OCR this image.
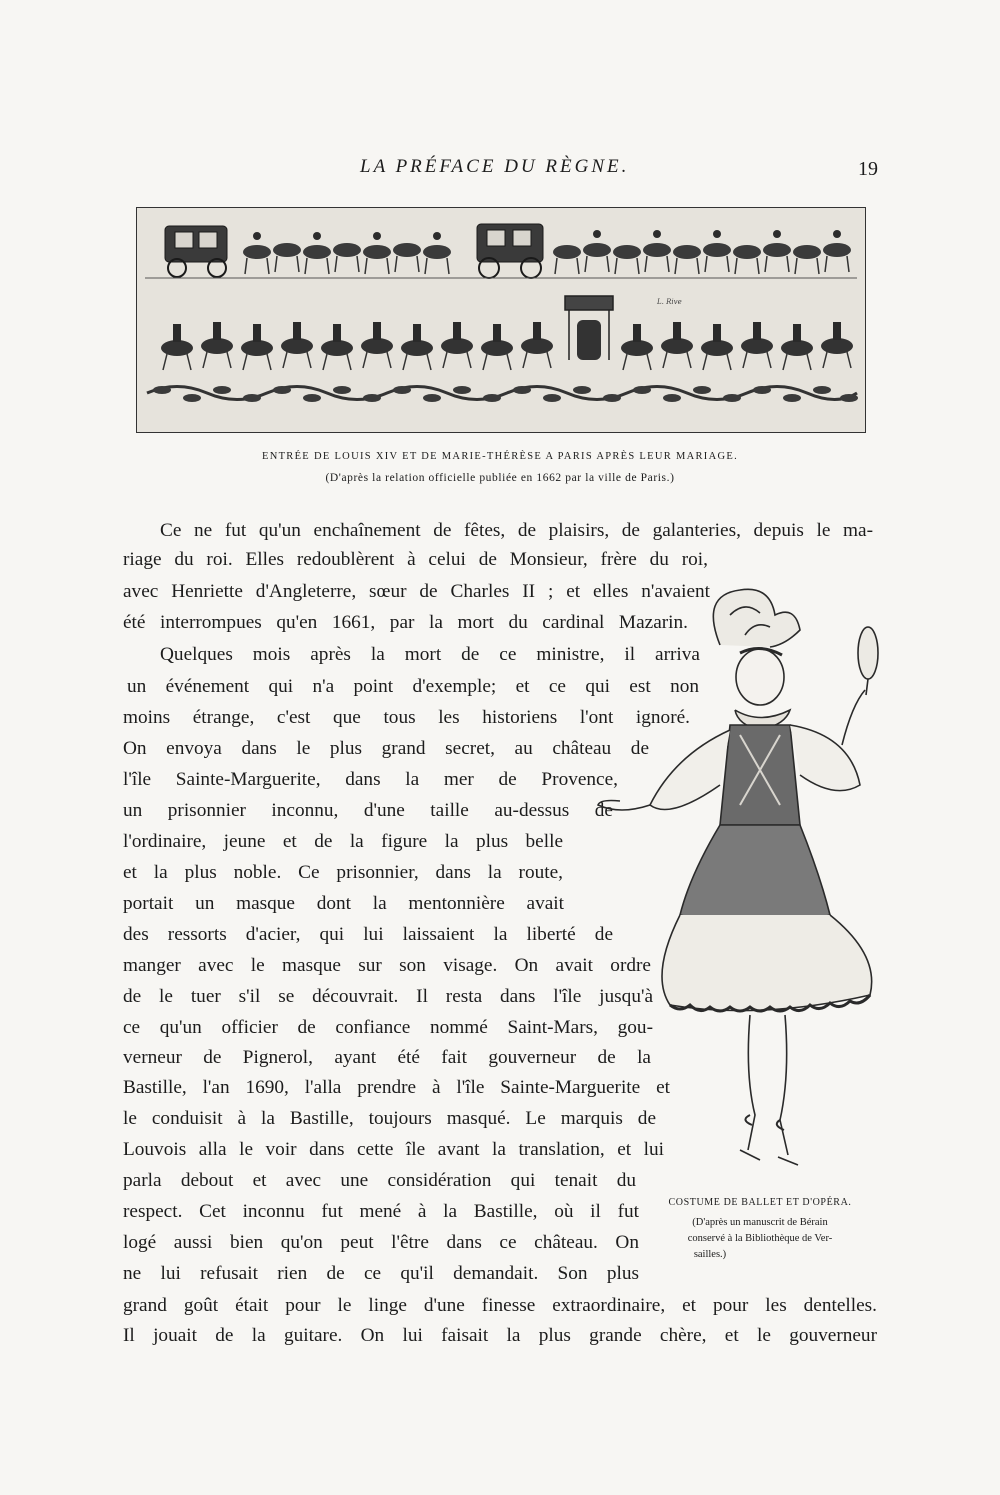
LA PRÉFACE DU RÈGNE.	19
L. Rive
ENTRÉE DE LOUIS XIV ET DE MARIE-THÉRÈSE A PARIS APRÈS LEUR MARIAGE.
(D'après la relation officielle publiée en 1662 par la ville de Paris.)
Ce ne fut qu'un enchaînement de fêtes, de plaisirs, de galanteries, depuis le ma-
riage du roi. Elles redoublèrent à celui de Monsieur, frère du roi,
avec Henriette d'Angleterre, sœur de Charles II ; et elles n'avaient
été interrompues qu'en 1661, par la mort du cardinal Mazarin.
Quelques mois après la mort de ce ministre, il arriva
un événement qui n'a point d'exemple; et ce qui est non
moins étrange, c'est que tous les historiens l'ont ignoré.
On envoya dans le plus grand secret, au château de
l'île Sainte-Marguerite, dans la mer de Provence,
un prisonnier inconnu, d'une taille au-dessus de
l'ordinaire, jeune et de la figure la plus belle
et la plus noble. Ce prisonnier, dans la route,
portait un masque dont la mentonnière avait
des ressorts d'acier, qui lui laissaient la liberté de
manger avec le masque sur son visage. On avait ordre
de le tuer s'il se découvrait. Il resta dans l'île jusqu'à
ce qu'un officier de confiance nommé Saint-Mars, gou-
verneur de Pignerol, ayant été fait gouverneur de la
Bastille, l'an 1690, l'alla prendre à l'île Sainte-Marguerite et
le conduisit à la Bastille, toujours masqué. Le marquis de
Louvois alla le voir dans cette île avant la translation, et lui
parla debout et avec une considération qui tenait du
respect. Cet inconnu fut mené à la Bastille, où il fut
logé aussi bien qu'on peut l'être dans ce château. On
ne lui refusait rien de ce qu'il demandait. Son plus
grand goût était pour le linge d'une finesse extraordinaire, et pour les dentelles.
Il jouait de la guitare. On lui faisait la plus grande chère, et le gouverneur
COSTUME DE BALLET ET D'OPÉRA.
(D'après un manuscrit de Bérain
conservé à la Bibliothèque de Ver-
sailles.)
